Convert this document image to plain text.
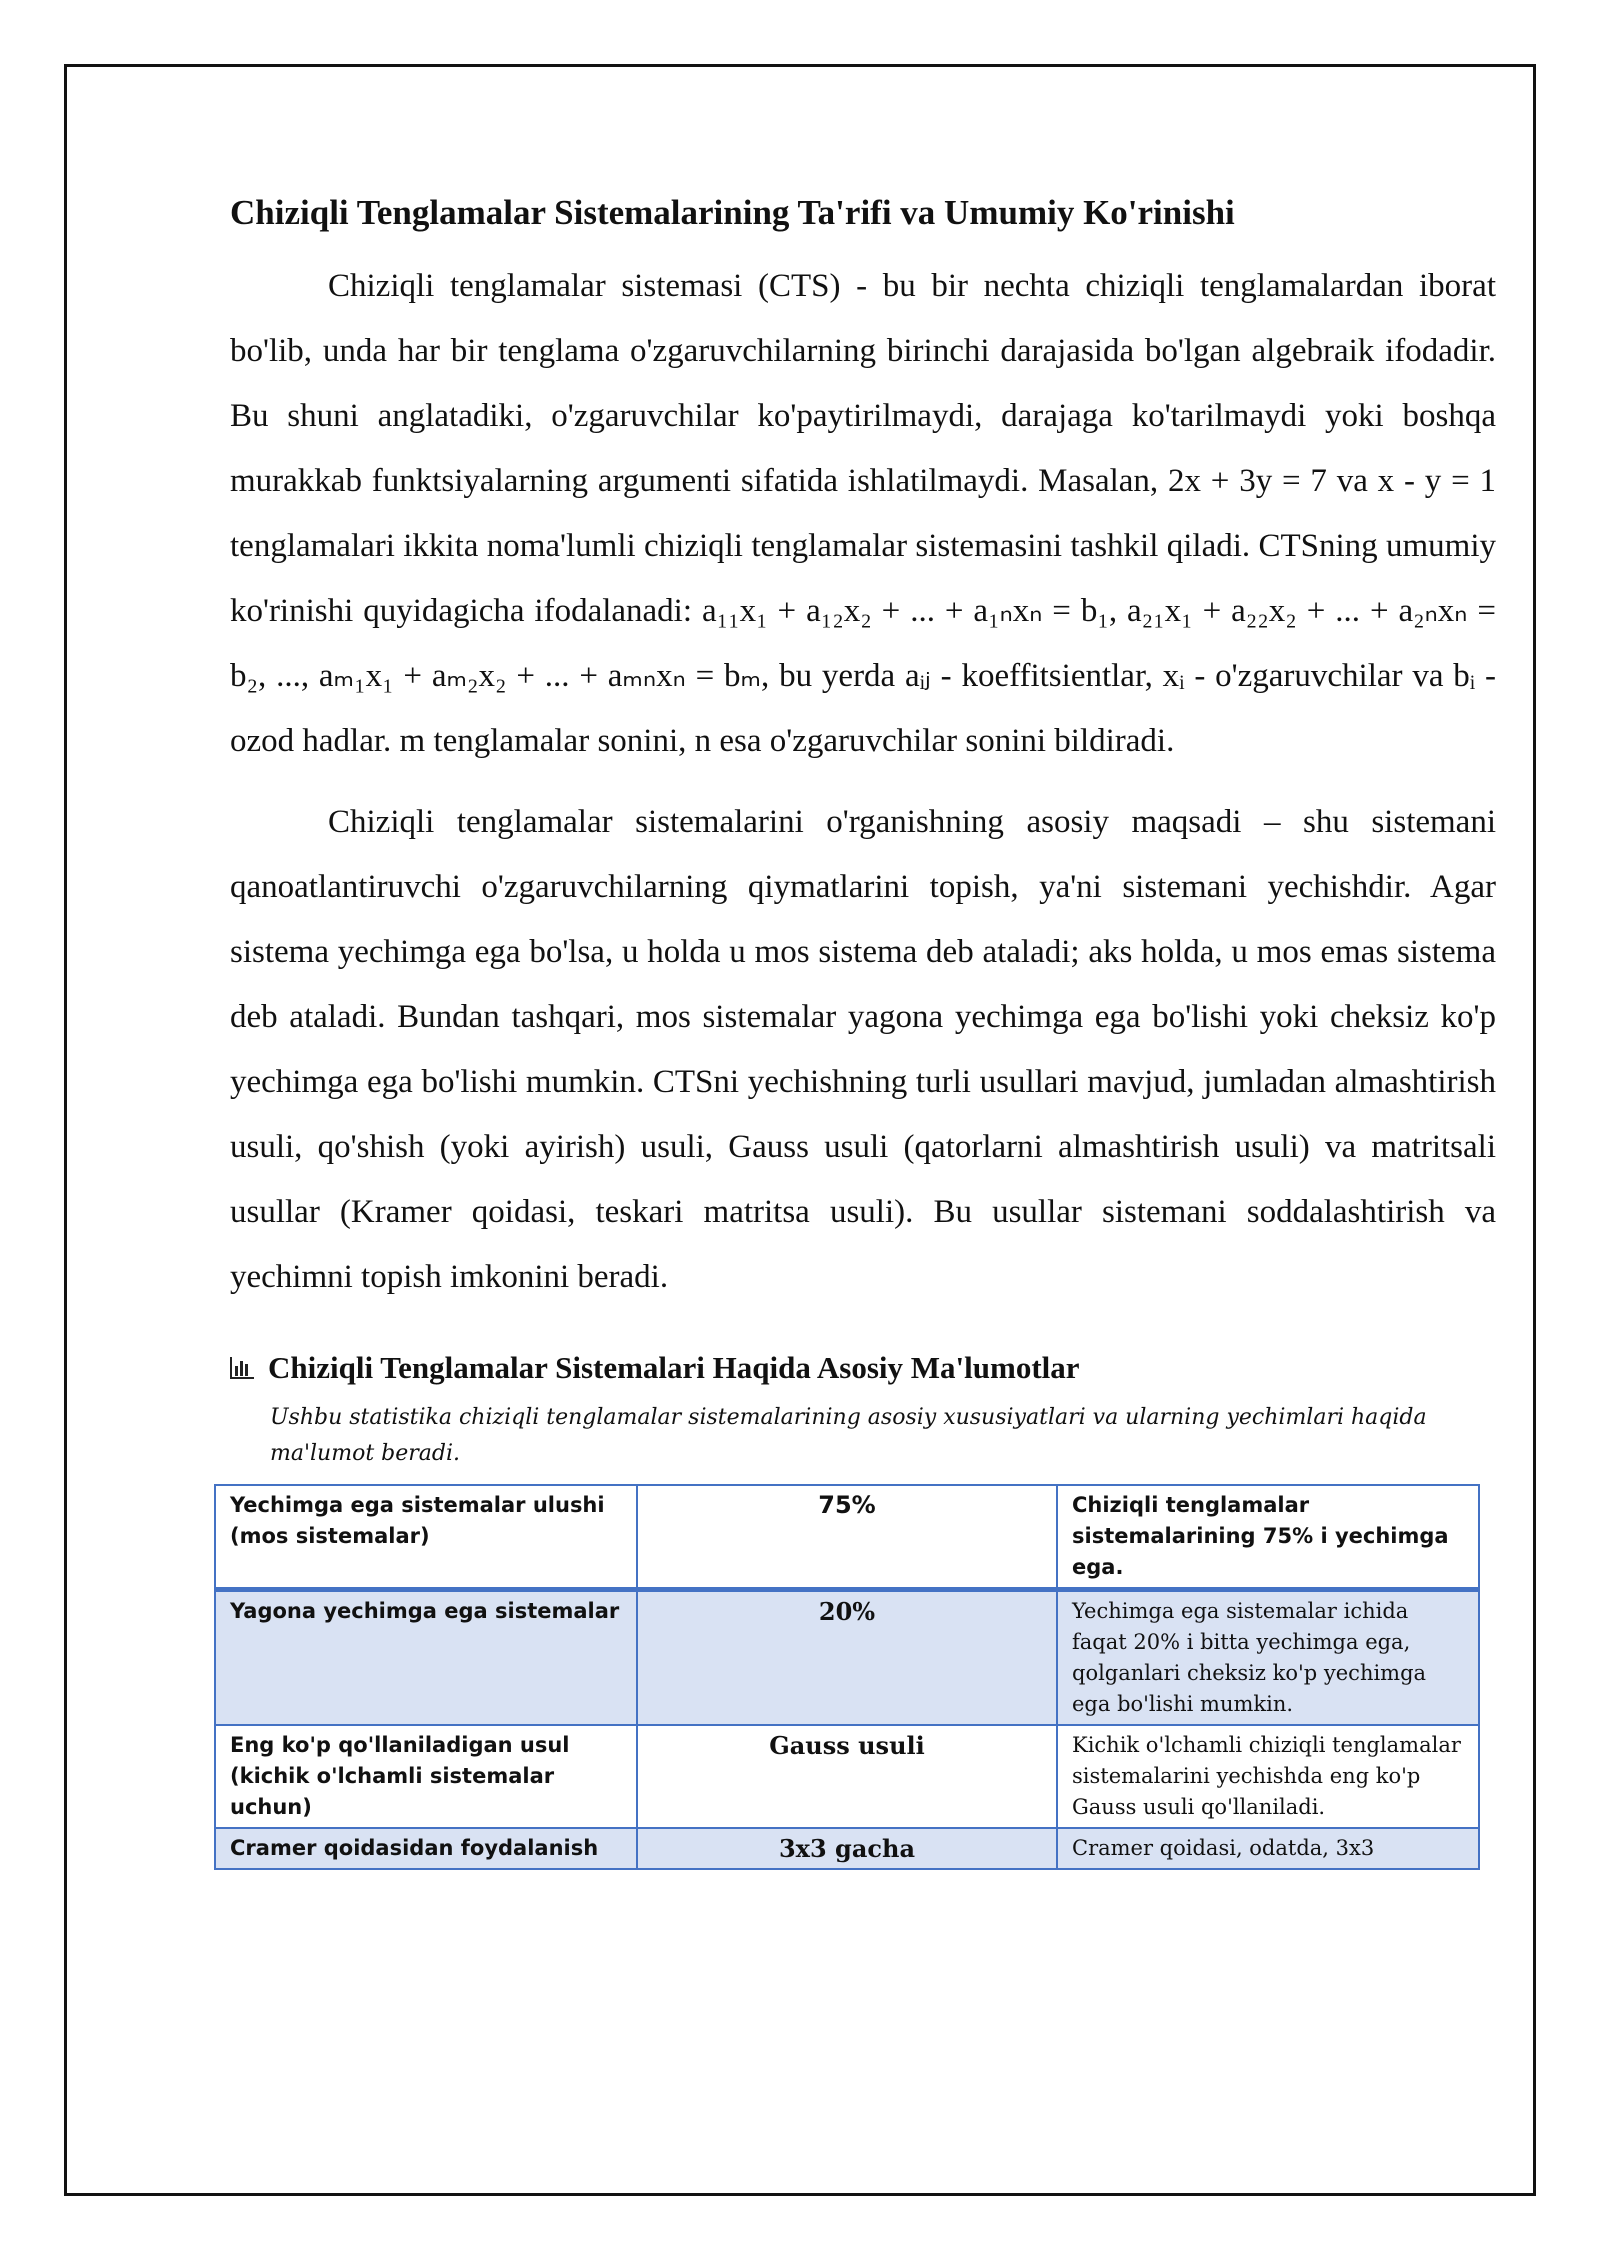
Chiziqli Tenglamalar Sistemalarining Ta'rifi va Umumiy Ko'rinishi

Chiziqli tenglamalar sistemasi (CTS) - bu bir nechta chiziqli tenglamalardan iborat bo'lib, unda har bir tenglama o'zgaruvchilarning birinchi darajasida bo'lgan algebraik ifodadir. Bu shuni anglatadiki, o'zgaruvchilar ko'paytirilmaydi, darajaga ko'tarilmaydi yoki boshqa murakkab funktsiyalarning argumenti sifatida ishlatilmaydi. Masalan, 2x + 3y = 7 va x - y = 1 tenglamalari ikkita noma'lumli chiziqli tenglamalar sistemasini tashkil qiladi. CTSning umumiy ko'rinishi quyidagicha ifodalanadi: a₁₁x₁ + a₁₂x₂ + ... + a₁ₙxₙ = b₁, a₂₁x₁ + a₂₂x₂ + ... + a₂ₙxₙ = b₂, ..., aₘ₁x₁ + aₘ₂x₂ + ... + aₘₙxₙ = bₘ, bu yerda aᵢⱼ - koeffitsientlar, xᵢ - o'zgaruvchilar va bᵢ - ozod hadlar. m tenglamalar sonini, n esa o'zgaruvchilar sonini bildiradi.

Chiziqli tenglamalar sistemalarini o'rganishning asosiy maqsadi – shu sistemani qanoatlantiruvchi o'zgaruvchilarning qiymatlarini topish, ya'ni sistemani yechishdir. Agar sistema yechimga ega bo'lsa, u holda u mos sistema deb ataladi; aks holda, u mos emas sistema deb ataladi. Bundan tashqari, mos sistemalar yagona yechimga ega bo'lishi yoki cheksiz ko'p yechimga ega bo'lishi mumkin. CTSni yechishning turli usullari mavjud, jumladan almashtirish usuli, qo'shish (yoki ayirish) usuli, Gauss usuli (qatorlarni almashtirish usuli) va matritsali usullar (Kramer qoidasi, teskari matritsa usuli). Bu usullar sistemani soddalashtirish va yechimni topish imkonini beradi.

Chiziqli Tenglamalar Sistemalari Haqida Asosiy Ma'lumotlar
Ushbu statistika chiziqli tenglamalar sistemalarining asosiy xususiyatlari va ularning yechimlari haqida ma'lumot beradi.
Yechimga ega sistemalar ulushi (mos sistemalar)	75%	Chiziqli tenglamalar sistemalarining 75% i yechimga ega.
Yagona yechimga ega sistemalar	20%	Yechimga ega sistemalar ichida faqat 20% i bitta yechimga ega, qolganlari cheksiz ko'p yechimga ega bo'lishi mumkin.
Eng ko'p qo'llaniladigan usul (kichik o'lchamli sistemalar uchun)	Gauss usuli	Kichik o'lchamli chiziqli tenglamalar sistemalarini yechishda eng ko'p Gauss usuli qo'llaniladi.
Cramer qoidasidan foydalanish	3x3 gacha	Cramer qoidasi, odatda, 3x3
